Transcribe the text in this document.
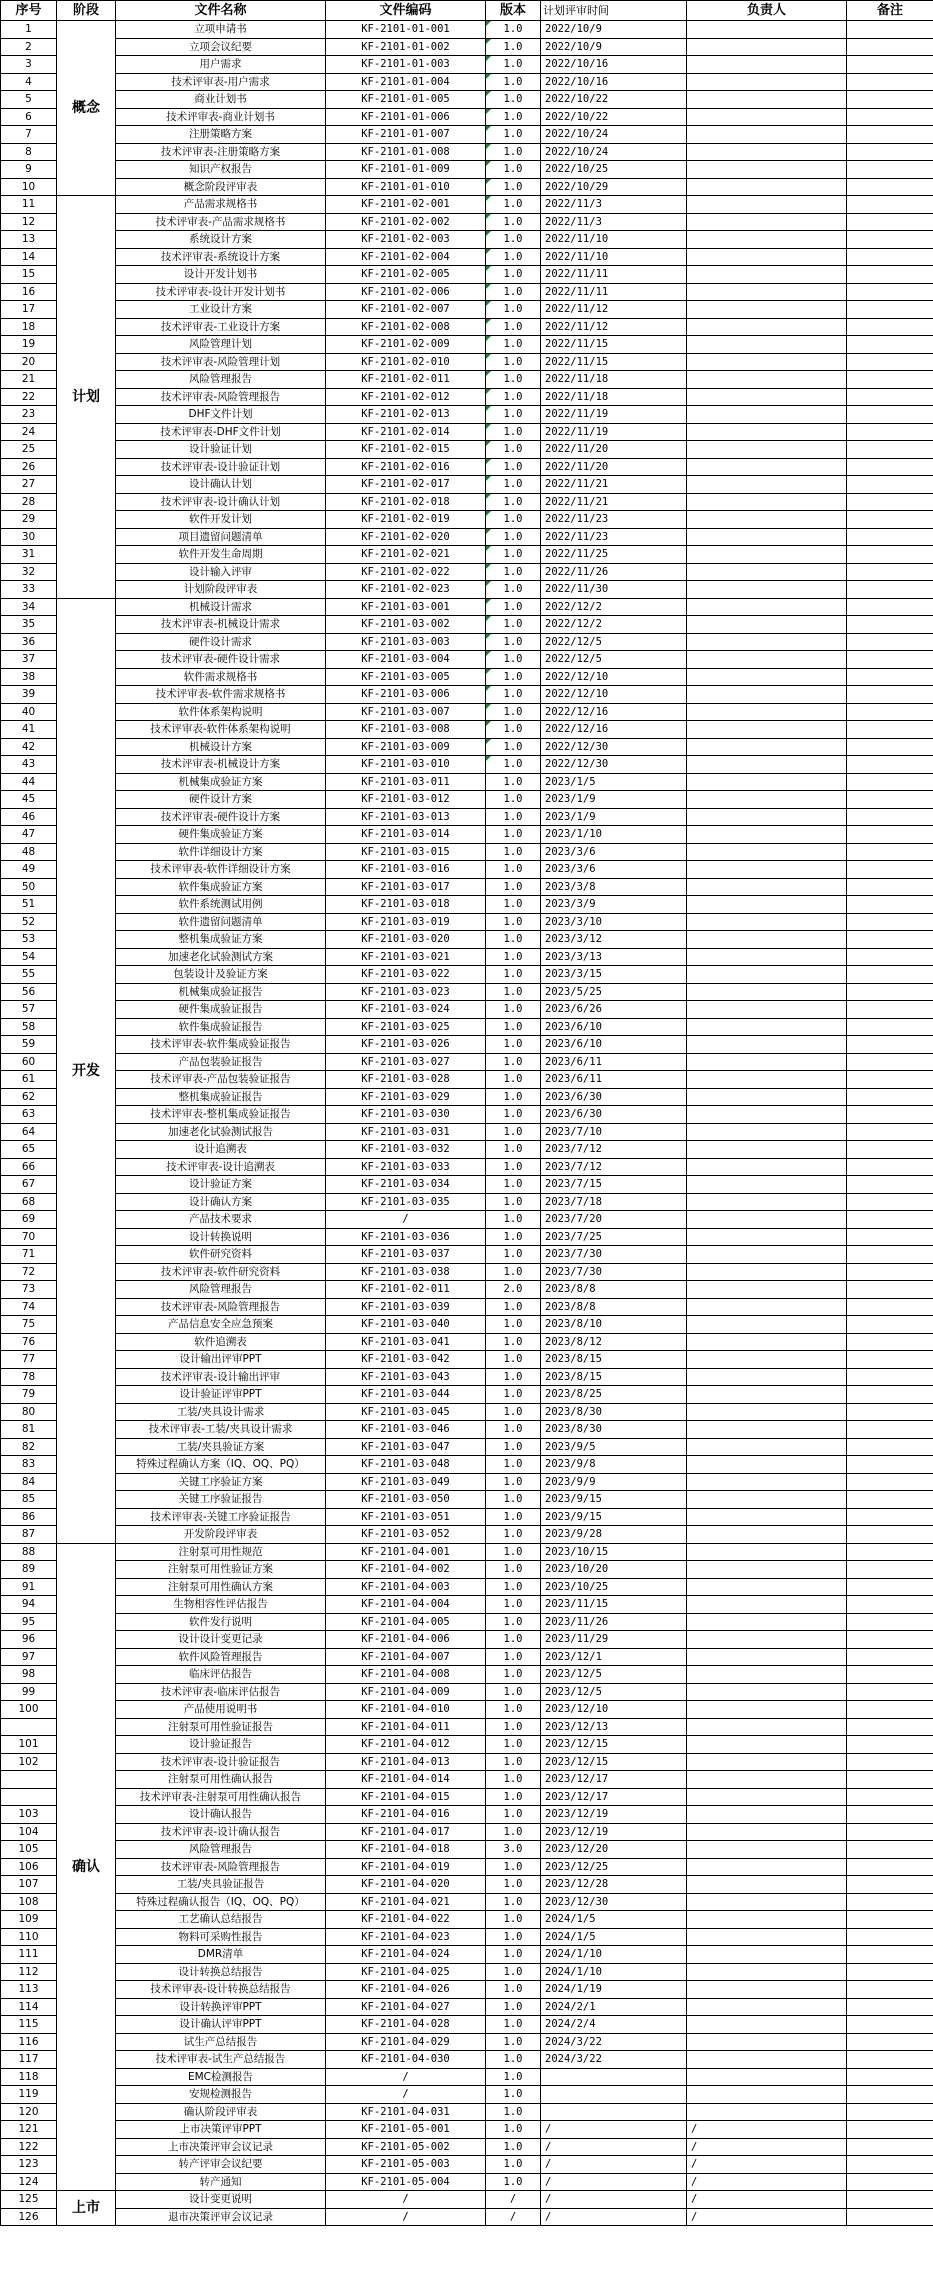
序号	阶段	文件名称	文件编码	版本	计划评审时间	负责人	备注
1	概念	立项申请书	KF-2101-01-001	1.0	2022/10/9		
2		立项会议纪要	KF-2101-01-002	1.0	2022/10/9		
3		用户需求	KF-2101-01-003	1.0	2022/10/16		
4		技术评审表-用户需求	KF-2101-01-004	1.0	2022/10/16		
5		商业计划书	KF-2101-01-005	1.0	2022/10/22		
6		技术评审表-商业计划书	KF-2101-01-006	1.0	2022/10/22		
7		注册策略方案	KF-2101-01-007	1.0	2022/10/24		
8		技术评审表-注册策略方案	KF-2101-01-008	1.0	2022/10/24		
9		知识产权报告	KF-2101-01-009	1.0	2022/10/25		
10		概念阶段评审表	KF-2101-01-010	1.0	2022/10/29		
11	计划	产品需求规格书	KF-2101-02-001	1.0	2022/11/3		
12		技术评审表-产品需求规格书	KF-2101-02-002	1.0	2022/11/3		
13		系统设计方案	KF-2101-02-003	1.0	2022/11/10		
14		技术评审表-系统设计方案	KF-2101-02-004	1.0	2022/11/10		
15		设计开发计划书	KF-2101-02-005	1.0	2022/11/11		
16		技术评审表-设计开发计划书	KF-2101-02-006	1.0	2022/11/11		
17		工业设计方案	KF-2101-02-007	1.0	2022/11/12		
18		技术评审表-工业设计方案	KF-2101-02-008	1.0	2022/11/12		
19		风险管理计划	KF-2101-02-009	1.0	2022/11/15		
20		技术评审表-风险管理计划	KF-2101-02-010	1.0	2022/11/15		
21		风险管理报告	KF-2101-02-011	1.0	2022/11/18		
22		技术评审表-风险管理报告	KF-2101-02-012	1.0	2022/11/18		
23		DHF文件计划	KF-2101-02-013	1.0	2022/11/19		
24		技术评审表-DHF文件计划	KF-2101-02-014	1.0	2022/11/19		
25		设计验证计划	KF-2101-02-015	1.0	2022/11/20		
26		技术评审表-设计验证计划	KF-2101-02-016	1.0	2022/11/20		
27		设计确认计划	KF-2101-02-017	1.0	2022/11/21		
28		技术评审表-设计确认计划	KF-2101-02-018	1.0	2022/11/21		
29		软件开发计划	KF-2101-02-019	1.0	2022/11/23		
30		项目遗留问题清单	KF-2101-02-020	1.0	2022/11/23		
31		软件开发生命周期	KF-2101-02-021	1.0	2022/11/25		
32		设计输入评审	KF-2101-02-022	1.0	2022/11/26		
33		计划阶段评审表	KF-2101-02-023	1.0	2022/11/30		
34	开发	机械设计需求	KF-2101-03-001	1.0	2022/12/2		
35		技术评审表-机械设计需求	KF-2101-03-002	1.0	2022/12/2		
36		硬件设计需求	KF-2101-03-003	1.0	2022/12/5		
37		技术评审表-硬件设计需求	KF-2101-03-004	1.0	2022/12/5		
38		软件需求规格书	KF-2101-03-005	1.0	2022/12/10		
39		技术评审表-软件需求规格书	KF-2101-03-006	1.0	2022/12/10		
40		软件体系架构说明	KF-2101-03-007	1.0	2022/12/16		
41		技术评审表-软件体系架构说明	KF-2101-03-008	1.0	2022/12/16		
42		机械设计方案	KF-2101-03-009	1.0	2022/12/30		
43		技术评审表-机械设计方案	KF-2101-03-010	1.0	2022/12/30		
44		机械集成验证方案	KF-2101-03-011	1.0	2023/1/5		
45		硬件设计方案	KF-2101-03-012	1.0	2023/1/9		
46		技术评审表-硬件设计方案	KF-2101-03-013	1.0	2023/1/9		
47		硬件集成验证方案	KF-2101-03-014	1.0	2023/1/10		
48		软件详细设计方案	KF-2101-03-015	1.0	2023/3/6		
49		技术评审表-软件详细设计方案	KF-2101-03-016	1.0	2023/3/6		
50		软件集成验证方案	KF-2101-03-017	1.0	2023/3/8		
51		软件系统测试用例	KF-2101-03-018	1.0	2023/3/9		
52		软件遗留问题清单	KF-2101-03-019	1.0	2023/3/10		
53		整机集成验证方案	KF-2101-03-020	1.0	2023/3/12		
54		加速老化试验测试方案	KF-2101-03-021	1.0	2023/3/13		
55		包装设计及验证方案	KF-2101-03-022	1.0	2023/3/15		
56		机械集成验证报告	KF-2101-03-023	1.0	2023/5/25		
57		硬件集成验证报告	KF-2101-03-024	1.0	2023/6/26		
58		软件集成验证报告	KF-2101-03-025	1.0	2023/6/10		
59		技术评审表-软件集成验证报告	KF-2101-03-026	1.0	2023/6/10		
60		产品包装验证报告	KF-2101-03-027	1.0	2023/6/11		
61		技术评审表-产品包装验证报告	KF-2101-03-028	1.0	2023/6/11		
62		整机集成验证报告	KF-2101-03-029	1.0	2023/6/30		
63		技术评审表-整机集成验证报告	KF-2101-03-030	1.0	2023/6/30		
64		加速老化试验测试报告	KF-2101-03-031	1.0	2023/7/10		
65		设计追溯表	KF-2101-03-032	1.0	2023/7/12		
66		技术评审表-设计追溯表	KF-2101-03-033	1.0	2023/7/12		
67		设计验证方案	KF-2101-03-034	1.0	2023/7/15		
68		设计确认方案	KF-2101-03-035	1.0	2023/7/18		
69		产品技术要求	/	1.0	2023/7/20		
70		设计转换说明	KF-2101-03-036	1.0	2023/7/25		
71		软件研究资料	KF-2101-03-037	1.0	2023/7/30		
72		技术评审表-软件研究资料	KF-2101-03-038	1.0	2023/7/30		
73		风险管理报告	KF-2101-02-011	2.0	2023/8/8		
74		技术评审表-风险管理报告	KF-2101-03-039	1.0	2023/8/8		
75		产品信息安全应急预案	KF-2101-03-040	1.0	2023/8/10		
76		软件追溯表	KF-2101-03-041	1.0	2023/8/12		
77		设计输出评审PPT	KF-2101-03-042	1.0	2023/8/15		
78		技术评审表-设计输出评审	KF-2101-03-043	1.0	2023/8/15		
79		设计验证评审PPT	KF-2101-03-044	1.0	2023/8/25		
80		工装/夹具设计需求	KF-2101-03-045	1.0	2023/8/30		
81		技术评审表-工装/夹具设计需求	KF-2101-03-046	1.0	2023/8/30		
82		工装/夹具验证方案	KF-2101-03-047	1.0	2023/9/5		
83		特殊过程确认方案（IQ、OQ、PQ）	KF-2101-03-048	1.0	2023/9/8		
84		关键工序验证方案	KF-2101-03-049	1.0	2023/9/9		
85		关键工序验证报告	KF-2101-03-050	1.0	2023/9/15		
86		技术评审表-关键工序验证报告	KF-2101-03-051	1.0	2023/9/15		
87		开发阶段评审表	KF-2101-03-052	1.0	2023/9/28		
88	确认	注射泵可用性规范	KF-2101-04-001	1.0	2023/10/15		
89		注射泵可用性验证方案	KF-2101-04-002	1.0	2023/10/20		
91		注射泵可用性确认方案	KF-2101-04-003	1.0	2023/10/25		
94		生物相容性评估报告	KF-2101-04-004	1.0	2023/11/15		
95		软件发行说明	KF-2101-04-005	1.0	2023/11/26		
96		设计设计变更记录	KF-2101-04-006	1.0	2023/11/29		
97		软件风险管理报告	KF-2101-04-007	1.0	2023/12/1		
98		临床评估报告	KF-2101-04-008	1.0	2023/12/5		
99		技术评审表-临床评估报告	KF-2101-04-009	1.0	2023/12/5		
100		产品使用说明书	KF-2101-04-010	1.0	2023/12/10		
		注射泵可用性验证报告	KF-2101-04-011	1.0	2023/12/13		
101		设计验证报告	KF-2101-04-012	1.0	2023/12/15		
102		技术评审表-设计验证报告	KF-2101-04-013	1.0	2023/12/15		
		注射泵可用性确认报告	KF-2101-04-014	1.0	2023/12/17		
		技术评审表-注射泵可用性确认报告	KF-2101-04-015	1.0	2023/12/17		
103		设计确认报告	KF-2101-04-016	1.0	2023/12/19		
104		技术评审表-设计确认报告	KF-2101-04-017	1.0	2023/12/19		
105		风险管理报告	KF-2101-04-018	3.0	2023/12/20		
106		技术评审表-风险管理报告	KF-2101-04-019	1.0	2023/12/25		
107		工装/夹具验证报告	KF-2101-04-020	1.0	2023/12/28		
108		特殊过程确认报告（IQ、OQ、PQ）	KF-2101-04-021	1.0	2023/12/30		
109		工艺确认总结报告	KF-2101-04-022	1.0	2024/1/5		
110		物料可采购性报告	KF-2101-04-023	1.0	2024/1/5		
111		DMR清单	KF-2101-04-024	1.0	2024/1/10		
112		设计转换总结报告	KF-2101-04-025	1.0	2024/1/10		
113		技术评审表-设计转换总结报告	KF-2101-04-026	1.0	2024/1/19		
114		设计转换评审PPT	KF-2101-04-027	1.0	2024/2/1		
115		设计确认评审PPT	KF-2101-04-028	1.0	2024/2/4		
116		试生产总结报告	KF-2101-04-029	1.0	2024/3/22		
117		技术评审表-试生产总结报告	KF-2101-04-030	1.0	2024/3/22		
118		EMC检测报告	/	1.0			
119		安规检测报告	/	1.0			
120		确认阶段评审表	KF-2101-04-031	1.0			
121		上市决策评审PPT	KF-2101-05-001	1.0	/	/	
122		上市决策评审会议记录	KF-2101-05-002	1.0	/	/	
123		转产评审会议纪要	KF-2101-05-003	1.0	/	/	
124		转产通知	KF-2101-05-004	1.0	/	/	
125	上市	设计变更说明	/	/	/	/	
126		退市决策评审会议记录	/	/	/	/	
